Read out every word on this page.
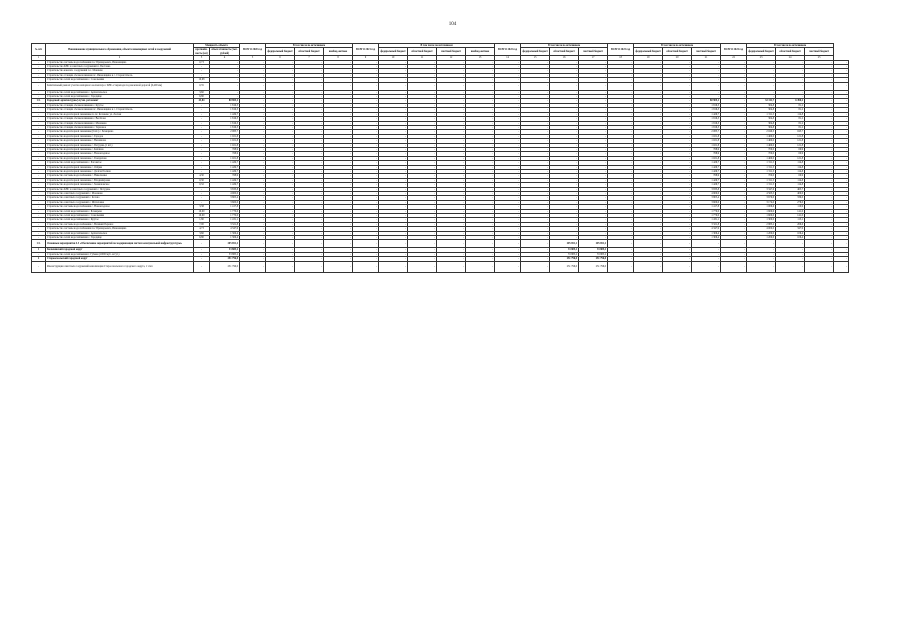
104
№ п/п	Наименование муниципального образования, объекта инженерных сетей и сооружений	Мощность объекта		ВСЕГО 2020 год	В том числе по источникам			ВСЕГО 2021 год	В том числе по источникам				ВСЕГО 2022 год	В том числе по источникам			ВСЕГО 2023 год	В том числе по источникам			ВСЕГО 2024 год	В том числе по источникам			
		протяжён-ность (км)	объем стоимость (тыс. рублей)		федеральный бюджет	областной бюджет	внебюд-жетные		федеральный бюджет	областной бюджет	местный бюджет	внебюд-жетные		федеральный бюджет	областной бюджет	местный бюджет		федеральный бюджет	областной бюджет	местный бюджет		федеральный бюджет	областной бюджет	местный бюджет	
1	2	3	4	5	6	7	8	9	10	11	12	13	14	15	16	17	18	19	20	21	22	23	24	25	
-	Строительство системы водоснабжения пос Приморьевск, Ивановщина	0,73	-	-	-	-	-	-	-	-	-	-	-	-	-	-	-	-	-	-	-	-	-	-	-
-	Строительство КНС и очистных сооружений п. Пестовка	-	-	-	-	-	-	-	-	-	-	-	-	-	-	-	-	-	-	-	-	-	-	-	-
-	Строительство канализ. сооружений п.с. Мокшево	-	-	-	-	-	-	-	-	-	-	-	-	-	-	-	-	-	-	-	-	-	-	-	-
-	Строительство станции обезжелезивания пс. Ивановщина и с. Старая Осколь	-	-	-	-	-	-	-	-	-	-	-	-	-	-	-	-	-	-	-	-	-	-	-	-
-	Строительство сетей водоснабжения с. Сокольники	10,98	-	-	-	-	-	-	-	-	-	-	-	-	-	-	-	-	-	-	-	-	-	-	-
-	Капитальный ремонт участка напорного коллектора с КНС-2 перехода под железной дорогой (0,400 км)	0,35	-	-	-	-	-	-	-	-	-	-	-	-	-	-	-	-	-	-	-	-	-	-	-
-	Строительство сетей водоснабжения с. Архангельское	3,60	-	-	-	-	-	-	-	-	-	-	-	-	-	-	-	-	-	-	-	-	-	-	-
-	Строительство сетей водоснабжения с. Городище	6,80	-	-	-	-	-	-	-	-	-	-	-	-	-	-	-	-	-	-	-	-	-	-	-
1.5.	Городской/ архитектурно/улучш. регламент	43,84	80 905,1	-	-	-	-	-	-	-	-	-	-	-	-	-	-	-	-	80 905,1	-	32 311,7	6 490,2	-	-
-	Строительство станции обезжелезивания с. Крутое	-	1 816,3	-	-	-	-	-	-	-	-	-	-	-	-	-	-	-	-	1 816,3	-	304,8	81,2	-	-
-	Строительство станции обезжелезивания пс. Ивановщина и с. Старая Осколь	-	1 816,3	-	-	-	-	-	-	-	-	-	-	-	-	-	-	-	-	1 816,3	-	304,8	81,2	-	-
-	Строительство водозаборной скважины по пс. Котенево ул. Лесная	-	1 429,7	-	-	-	-	-	-	-	-	-	-	-	-	-	-	-	-	1 429,7	-	1 311,5	114,8	-	-
-	Строительство станции обезжелезивания с. Весёлово	-	1 816,3	-	-	-	-	-	-	-	-	-	-	-	-	-	-	-	-	1 816,3	-	304,8	81,2	-	-
-	Строительство станции обезжелезивания с. Монаково	-	1 816,3	-	-	-	-	-	-	-	-	-	-	-	-	-	-	-	-	1 816,3	-	304,8	81,2	-	-
-	Строительство станции обезжелезивания с. Терновое	-	1 816,3	-	-	-	-	-	-	-	-	-	-	-	-	-	-	-	-	1 816,3	-	304,8	81,2	-	-
-	Строительство водозаборной скважины (6 шт.) с. Бочкарево	-	2 083,7	-	-	-	-	-	-	-	-	-	-	-	-	-	-	-	-	2 083,7	-	2 040,3	043,7	-	-
-	Строительство водозаборной скважины с. Городок	-	1 021,8	-	-	-	-	-	-	-	-	-	-	-	-	-	-	-	-	1 021,8	-	1 460,0	121,8	-	-
-	Строительство водозаборной скважины с. Незнамово	-	1 021,8	-	-	-	-	-	-	-	-	-	-	-	-	-	-	-	-	1 021,8	-	1 460,0	121,8	-	-
-	Строительство водозаборной скважины с. Потудань (1 шт.)	-	1 021,8	-	-	-	-	-	-	-	-	-	-	-	-	-	-	-	-	1 021,8	-	1 460,0	121,8	-	-
-	Строительство водозаборной скважины с. Каплино	-	768,9	-	-	-	-	-	-	-	-	-	-	-	-	-	-	-	-	768,9	-	700,0	60,9	-	-
-	Строительство водозаборной скважины с. Новокладовое	-	768,9	-	-	-	-	-	-	-	-	-	-	-	-	-	-	-	-	768,9	-	700,0	60,9	-	-
-	Строительство водозаборной скважины с. Гнездилово	-	1 021,8	-	-	-	-	-	-	-	-	-	-	-	-	-	-	-	-	1 021,8	-	1 460,0	121,8	-	-
-	Строительство сетей водоснабжения с. Роговатое	-	1 429,7	-	-	-	-	-	-	-	-	-	-	-	-	-	-	-	-	1 429,7	-	1 311,5	114,8	-	-
-	Строительство водозаборной скважины с. Озёрки	-	1 429,7	-	-	-	-	-	-	-	-	-	-	-	-	-	-	-	-	1 429,7	-	1 311,5	114,8	-	-
-	Строительство водозаборной скважины с. Долгая Поляна	-	1 429,7	-	-	-	-	-	-	-	-	-	-	-	-	-	-	-	-	1 429,7	-	1 311,5	114,8	-	-
-	Строительство системы водоснабжения с. Николаевка	4,30	768,9	-	-	-	-	-	-	-	-	-	-	-	-	-	-	-	-	768,9	-	700,0	60,9	-	-
-	Строительство водозаборной скважины с. Владимировка	0,30	1 429,7	-	-	-	-	-	-	-	-	-	-	-	-	-	-	-	-	1 429,7	-	1 311,5	114,8	-	-
-	Строительство водозаборной скважины с. Знаменовское	0,32	1 429,7	-	-	-	-	-	-	-	-	-	-	-	-	-	-	-	-	1 429,7	-	1 311,5	114,8	-	-
-	Строительство КНС и очистных сооружений с. Потудань	-	3 833,8	-	-	-	-	-	-	-	-	-	-	-	-	-	-	-	-	3 833,8	-	3 347,6	465,7	-	-
-	Строительство очистных сооружений с. Монаково	-	4 900,0	-	-	-	-	-	-	-	-	-	-	-	-	-	-	-	-	4 900,0	-	4 563,5	400,0	-	-
-	Строительство очистных сооружений с. Котово	-	3 805,4	-	-	-	-	-	-	-	-	-	-	-	-	-	-	-	-	3 805,4	-	3 670,0	339,0	-	-
-	Строительство очистных сооружений с. Шаталовка	-	3 600,0	-	-	-	-	-	-	-	-	-	-	-	-	-	-	-	-	3 600,0	-	3 174,0	276,0	-	-
-	Строительство системы водоснабжения с. Новокладовое	3,38	1 417,8	-	-	-	-	-	-	-	-	-	-	-	-	-	-	-	-	1 417,8	-	1 006,6	110,9	-	-
-	Строительство сетей водоснабжения с. Бочкарево	10,00	1 770,0	-	-	-	-	-	-	-	-	-	-	-	-	-	-	-	-	1 770,0	-	1 600,0	141,0	-	-
-	Строительство сетей водоснабжения с. Сокольники	10,00	1 770,0	-	-	-	-	-	-	-	-	-	-	-	-	-	-	-	-	1 770,0	-	1 600,0	141,0	-	-
-	Строительство сетей водоснабжения с. Крутое	1,80	1 431,1	-	-	-	-	-	-	-	-	-	-	-	-	-	-	-	-	1 431,1	-	1 300,0	115,1	-	-
-	Строительство системы водоснабжения с. Великий Перевоз	7,00	3 321,8	-	-	-	-	-	-	-	-	-	-	-	-	-	-	-	-	3 321,8	-	2 883,2	266,6	-	-
-	Строительство системы водоснабжения пос Приморьевск, Ивановщина	4,73	4 347,9	-	-	-	-	-	-	-	-	-	-	-	-	-	-	-	-	4 347,9	-	4 000,0	347,9	-	-
-	Строительство сетей водоснабжения с. Архангельское	3,60	1 306,4	-	-	-	-	-	-	-	-	-	-	-	-	-	-	-	-	1 306,4	-	1 200,0	106,4	-	-
-	Строительство сетей водоснабжения с. Городище	6,80	1 306,4	-	-	-	-	-	-	-	-	-	-	-	-	-	-	-	-	1 306,4	-	1 200,0	106,4	-	-
1.5.	Основные мероприятия 4.3 «Обеспечение мероприятий по модернизации систем коммунальной инфраструктуры»	-	205 691,2	-	-	-	-	-	-	-	-	-	-	-	205 691,2	205 691,2	-	-	-	-	-	-	-	-	-
1	Кольчинский городской округ	-	33 885,2	-	-	-	-	-	-	-	-	-	-	-	33 885,2	33 885,2	-	-	-	-	-	-	-	-	-
-	Строительство сетей водоснабжения г. Губкин (10000 куб. м/сут.)	-	33 885,2	-	-	-	-	-	-	-	-	-	-	-	33 885,2	33 885,2	-	-	-	-	-	-	-	-	-
2	Старооскольский городской округ	-	251 796,0	-	-	-	-	-	-	-	-	-	-	-	251 796,0	251 796,0	-	-	-	-	-	-	-	-	-
-	Реконструкция очистных сооружений канализации Старооскольского городского округа, 1 этап	-	251 796,0	-	-	-	-	-	-	-	-	-	-	-	251 796,0	251 796,0	-	-	-	-	-	-	-	-	-
